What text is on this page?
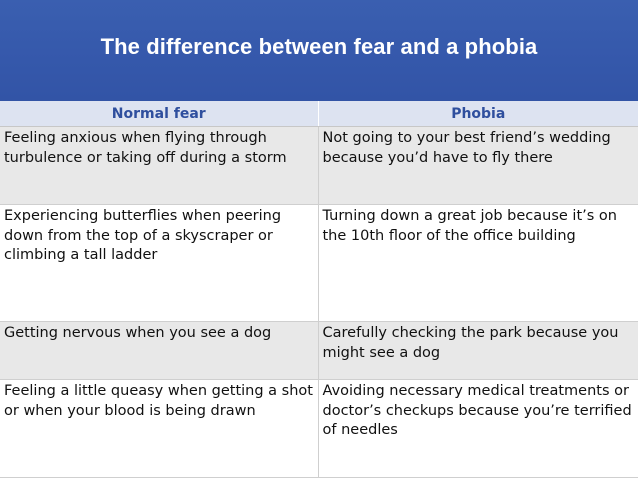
The difference between fear and a phobia
Normal fear	Phobia
Feeling anxious when flying through turbulence or taking off during a storm	Not going to your best friend’s wedding because you’d have to fly there
Experiencing butterflies when peering down from the top of a skyscraper or climbing a tall ladder	Turning down a great job because it’s on the 10th floor of the office building
Getting nervous when you see a dog	Carefully checking the park because you might see a dog
Feeling a little queasy when getting a shot or when your blood is being drawn	Avoiding necessary medical treatments or doctor’s checkups because you’re terrified of needles
